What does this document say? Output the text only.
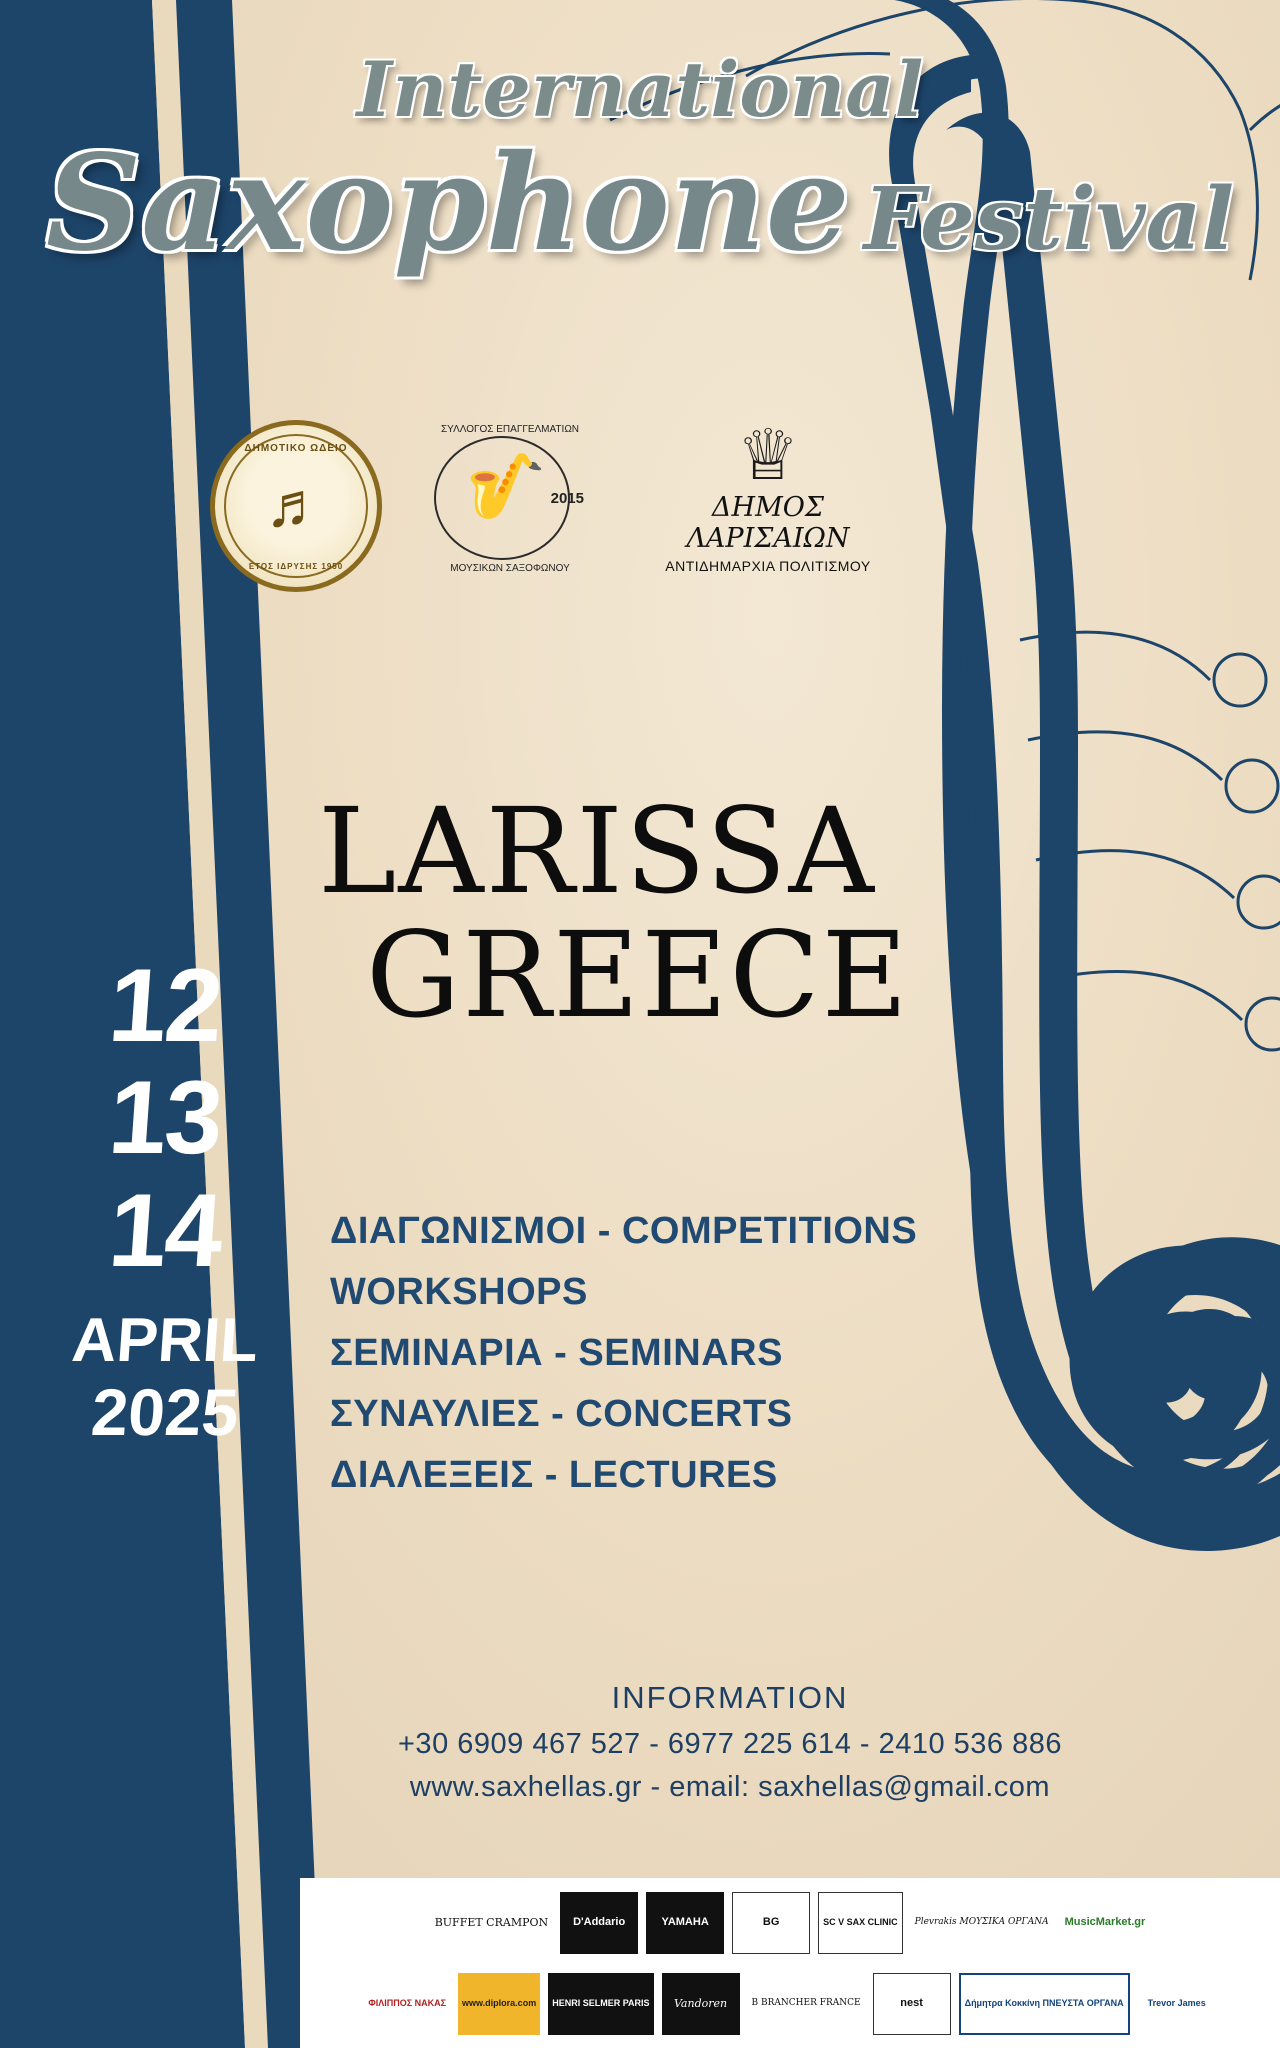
International
Saxophone Festival
ΔΗΜΟΤΙΚΟ ΩΔΕΙΟ
♬
ΕΤΟΣ ΙΔΡΥΣΗΣ 1950
ΣΥΛΛΟΓΟΣ ΕΠΑΓΓΕΛΜΑΤΙΩΝ
🎷 2015
ΜΟΥΣΙΚΩΝ ΣΑΞΟΦΩΝΟΥ
♕
ΔΗΜΟΣ ΛΑΡΙΣΑΙΩΝ
ΑΝΤΙΔΗΜΑΡΧΙΑ ΠΟΛΙΤΙΣΜΟΥ
LARISSA
GREECE
ΔΙΑΓΩΝΙΣΜΟΙ - COMPETITIONS
WORKSHOPS
ΣΕΜΙΝΑΡΙΑ - SEMINARS
ΣΥΝΑΥΛΙΕΣ - CONCERTS
ΔΙΑΛΕΞΕΙΣ - LECTURES
12
13
14
APRIL
2025
INFORMATION
+30 6909 467 527 - 6977 225 614 - 2410 536 886
www.saxhellas.gr - email: saxhellas@gmail.com
BUFFET CRAMPON	D'Addario	YAMAHA	BG	SC V SAX CLINIC	Plevrakis ΜΟΥΣΙΚΑ ΟΡΓΑΝΑ	MusicMarket.gr
ΦΙΛΙΠΠΟΣ ΝΑΚΑΣ	www.diplora.com	HENRI SELMER PARIS	Vandoren	B BRANCHER FRANCE	nest	Δήμητρα Κοκκίνη ΠΝΕΥΣΤΑ ΟΡΓΑΝΑ	Trevor James
